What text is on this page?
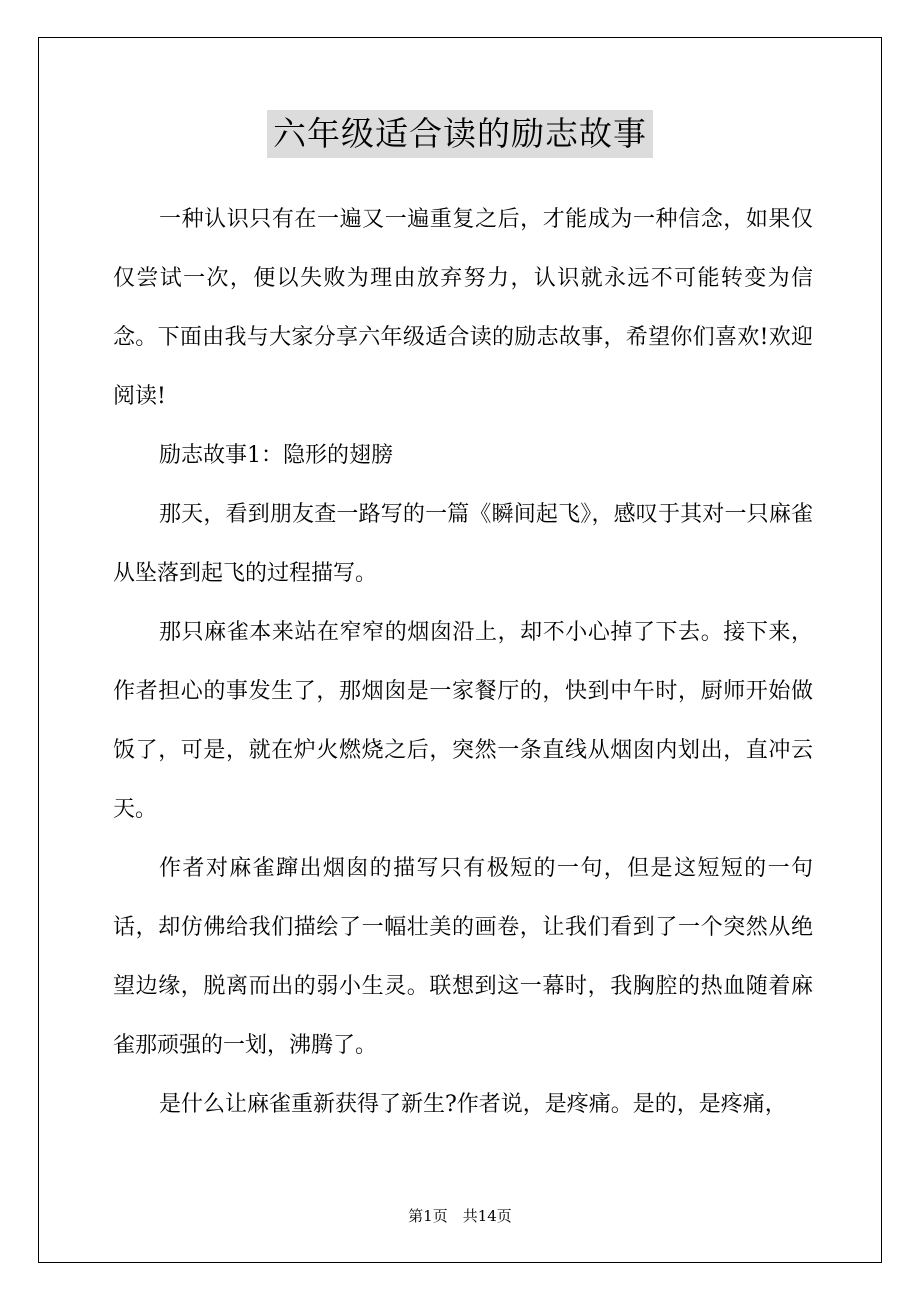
六年级适合读的励志故事

一种认识只有在一遍又一遍重复之后，才能成为一种信念，如果仅仅尝试一次，便以失败为理由放弃努力，认识就永远不可能转变为信念。下面由我与大家分享六年级适合读的励志故事，希望你们喜欢!欢迎阅读!

励志故事1：隐形的翅膀

那天，看到朋友查一路写的一篇《瞬间起飞》，感叹于其对一只麻雀从坠落到起飞的过程描写。

那只麻雀本来站在窄窄的烟囱沿上，却不小心掉了下去。接下来，作者担心的事发生了，那烟囱是一家餐厅的，快到中午时，厨师开始做饭了，可是，就在炉火燃烧之后，突然一条直线从烟囱内划出，直冲云天。

作者对麻雀蹿出烟囱的描写只有极短的一句，但是这短短的一句话，却仿佛给我们描绘了一幅壮美的画卷，让我们看到了一个突然从绝望边缘，脱离而出的弱小生灵。联想到这一幕时，我胸腔的热血随着麻雀那顽强的一划，沸腾了。

是什么让麻雀重新获得了新生?作者说，是疼痛。是的，是疼痛，

第1页　共14页
